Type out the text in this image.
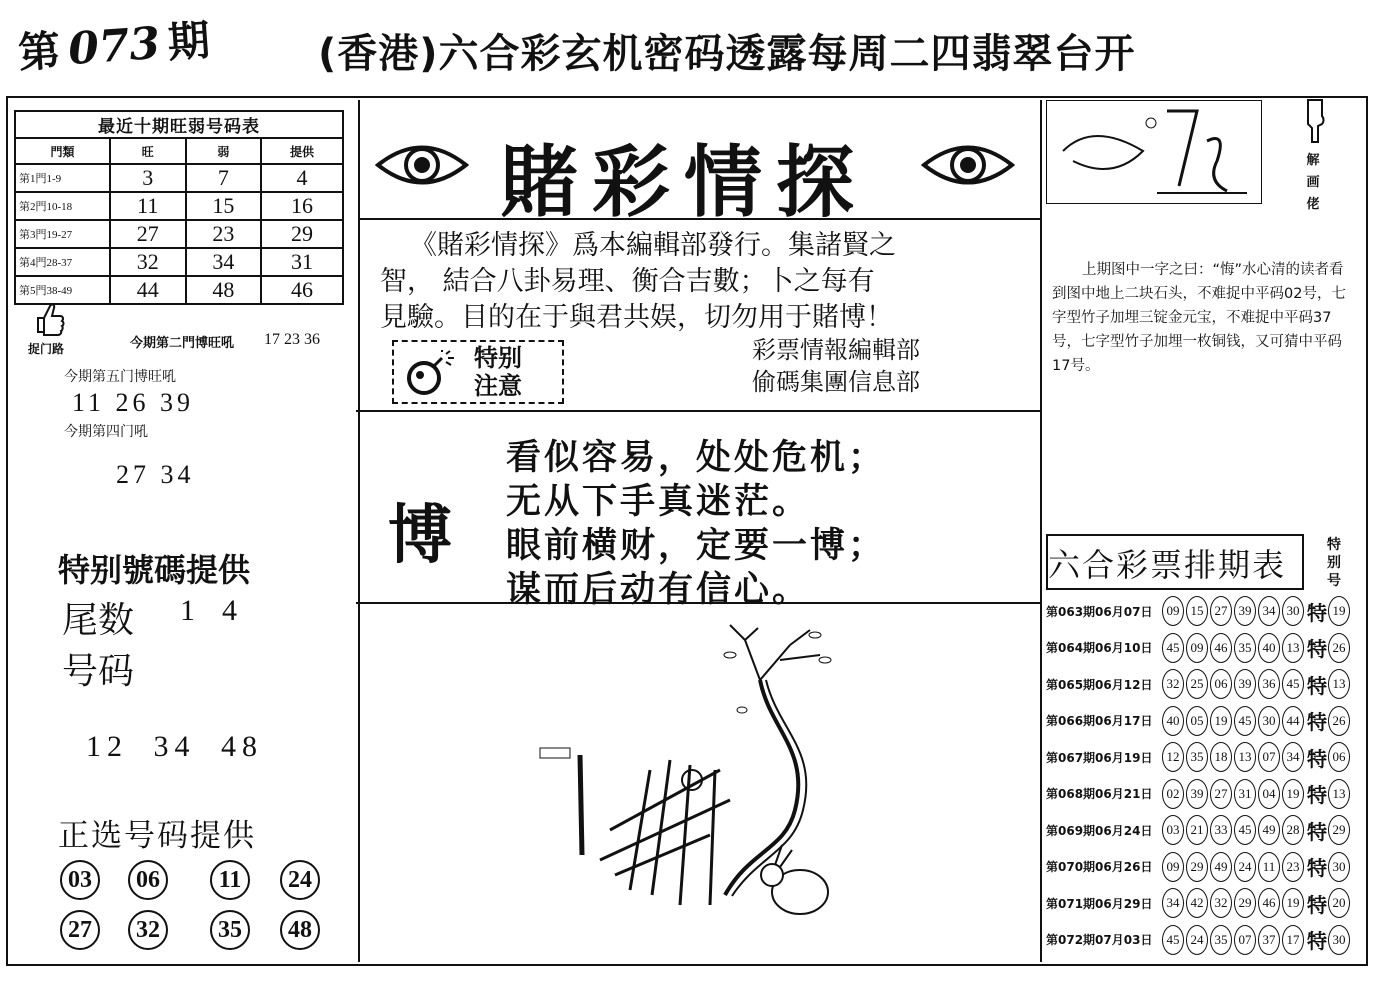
第 073 期	(香港)六合彩玄机密码透露每周二四翡翠台开
最近十期旺弱号码表			
門類	旺	弱	提供
第1門1-9	3	7	4
第2門10-18	11	15	16
第3門19-27	27	23	29
第4門28-37	32	34	31
第5門38-49	44	48	46
捉门路	今期第二門博旺吼 17 23 36
今期第五门博旺吼
11 26 39
今期第四门吼
27 34
特别號碼提供
尾数 1  4
号码
12 34 48
正选号码提供
03	06	11	24
27	32	35	48
賭彩情探
《賭彩情探》爲本編輯部發行。集諸賢之
智， 結合八卦易理、衡合吉數；卜之每有
見驗。目的在于與君共娱，切勿用于賭博！
特别
注意
彩票情報編輯部
偷碼集團信息部
博
看似容易，处处危机；
无从下手真迷茫。
眼前横财，定要一博；
谋而后动有信心。
解
画
佬
上期图中一字之曰：“悔”水心清的读者看到图中地上二块石头，不难捉中平码02号，七字型竹子加埋三锭金元宝，不难捉中平码37号，七字型竹子加埋一枚铜钱，又可猜中平码17号。
六合彩票排期表
特
别
号
第063期06月07日	09 15 27 39 34 30 特 19
第064期06月10日	45 09 46 35 40 13 特 26
第065期06月12日	32 25 06 39 36 45 特 13
第066期06月17日	40 05 19 45 30 44 特 26
第067期06月19日	12 35 18 13 07 34 特 06
第068期06月21日	02 39 27 31 04 19 特 13
第069期06月24日	03 21 33 45 49 28 特 29
第070期06月26日	09 29 49 24 11 23 特 30
第071期06月29日	34 42 32 29 46 19 特 20
第072期07月03日	45 24 35 07 37 17 特 30
